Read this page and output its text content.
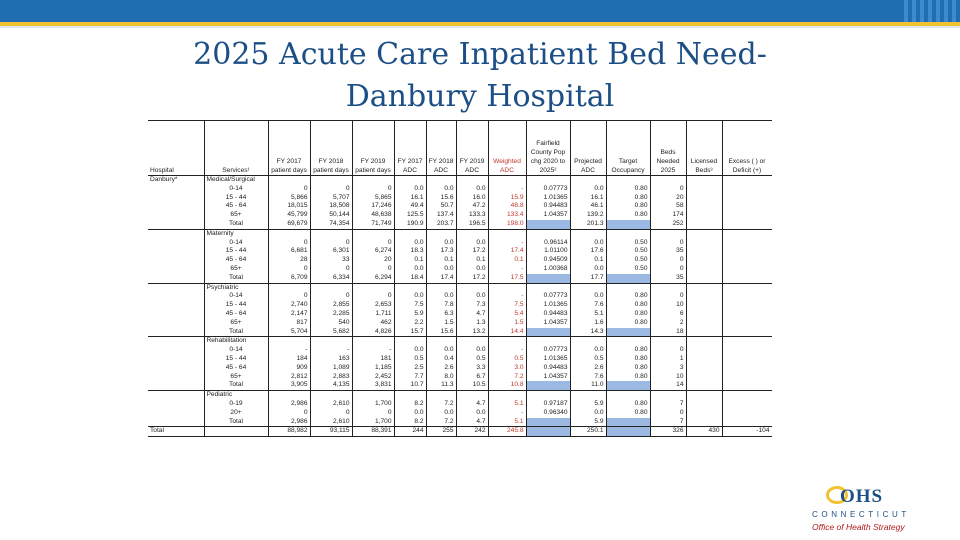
2025 Acute Care Inpatient Bed Need-
Danbury Hospital
Hospital	Services¹	FY 2017 patient days	FY 2018 patient days	FY 2019 patient days	FY 2017 ADC	FY 2018 ADC	FY 2019 ADC	Weighted ADC	Fairfield County Pop chg 2020 to 2025²	Projected ADC	Target Occupancy	Beds Needed 2025	Licensed Beds³	Excess ( ) or Deficit (+)
Danbury*	Medical/Surgical													
	0-14	0	0	0	0.0	0.0	0.0	-	0.07773	0.0	0.80	0		
	15 - 44	5,866	5,707	5,865	16.1	15.6	16.0	15.9	1.01365	16.1	0.80	20		
	45 - 64	18,015	18,508	17,246	49.4	50.7	47.2	48.8	0.94483	46.1	0.80	58		
	65+	45,799	50,144	48,638	125.5	137.4	133.3	133.4	1.04357	139.2	0.80	174		
	Total	69,679	74,354	71,749	190.9	203.7	196.5	198.0		201.3		252		
	Maternity													
	0-14	0	0	0	0.0	0.0	0.0	-	0.96114	0.0	0.50	0		
	15 - 44	6,681	6,301	6,274	18.3	17.3	17.2	17.4	1.01100	17.6	0.50	35		
	45 - 64	28	33	20	0.1	0.1	0.1	0.1	0.94509	0.1	0.50	0		
	65+	0	0	0	0.0	0.0	0.0	-	1.00368	0.0	0.50	0		
	Total	6,709	6,334	6,294	18.4	17.4	17.2	17.5		17.7		35		
	Psychiatric													
	0-14	0	0	0	0.0	0.0	0.0	-	0.07773	0.0	0.80	0		
	15 - 44	2,740	2,855	2,653	7.5	7.8	7.3	7.5	1.01365	7.6	0.80	10		
	45 - 64	2,147	2,285	1,711	5.9	6.3	4.7	5.4	0.94483	5.1	0.80	6		
	65+	817	540	462	2.2	1.5	1.3	1.5	1.04357	1.6	0.80	2		
	Total	5,704	5,682	4,826	15.7	15.6	13.2	14.4		14.3		18		
	Rehabilitation													
	0-14	-	-	-	0.0	0.0	0.0	-	0.07773	0.0	0.80	0		
	15 - 44	184	163	181	0.5	0.4	0.5	0.5	1.01365	0.5	0.80	1		
	45 - 64	909	1,089	1,185	2.5	2.6	3.3	3.0	0.94483	2.6	0.80	3		
	65+	2,812	2,883	2,452	7.7	8.0	6.7	7.2	1.04357	7.6	0.80	10		
	Total	3,905	4,135	3,831	10.7	11.3	10.5	10.8		11.0		14		
	Pediatric													
	0-19	2,986	2,610	1,700	8.2	7.2	4.7	5.1	0.97187	5.9	0.80	7		
	20+	0	0	0	0.0	0.0	0.0	-	0.96340	0.0	0.80	0		
	Total	2,986	2,610	1,700	8.2	7.2	4.7	5.1		5.9		7		
Total		88,982	93,115	88,391	244	255	242	245.8		250.1		326	430	-104
OHS
CONNECTICUT
Office of Health Strategy
